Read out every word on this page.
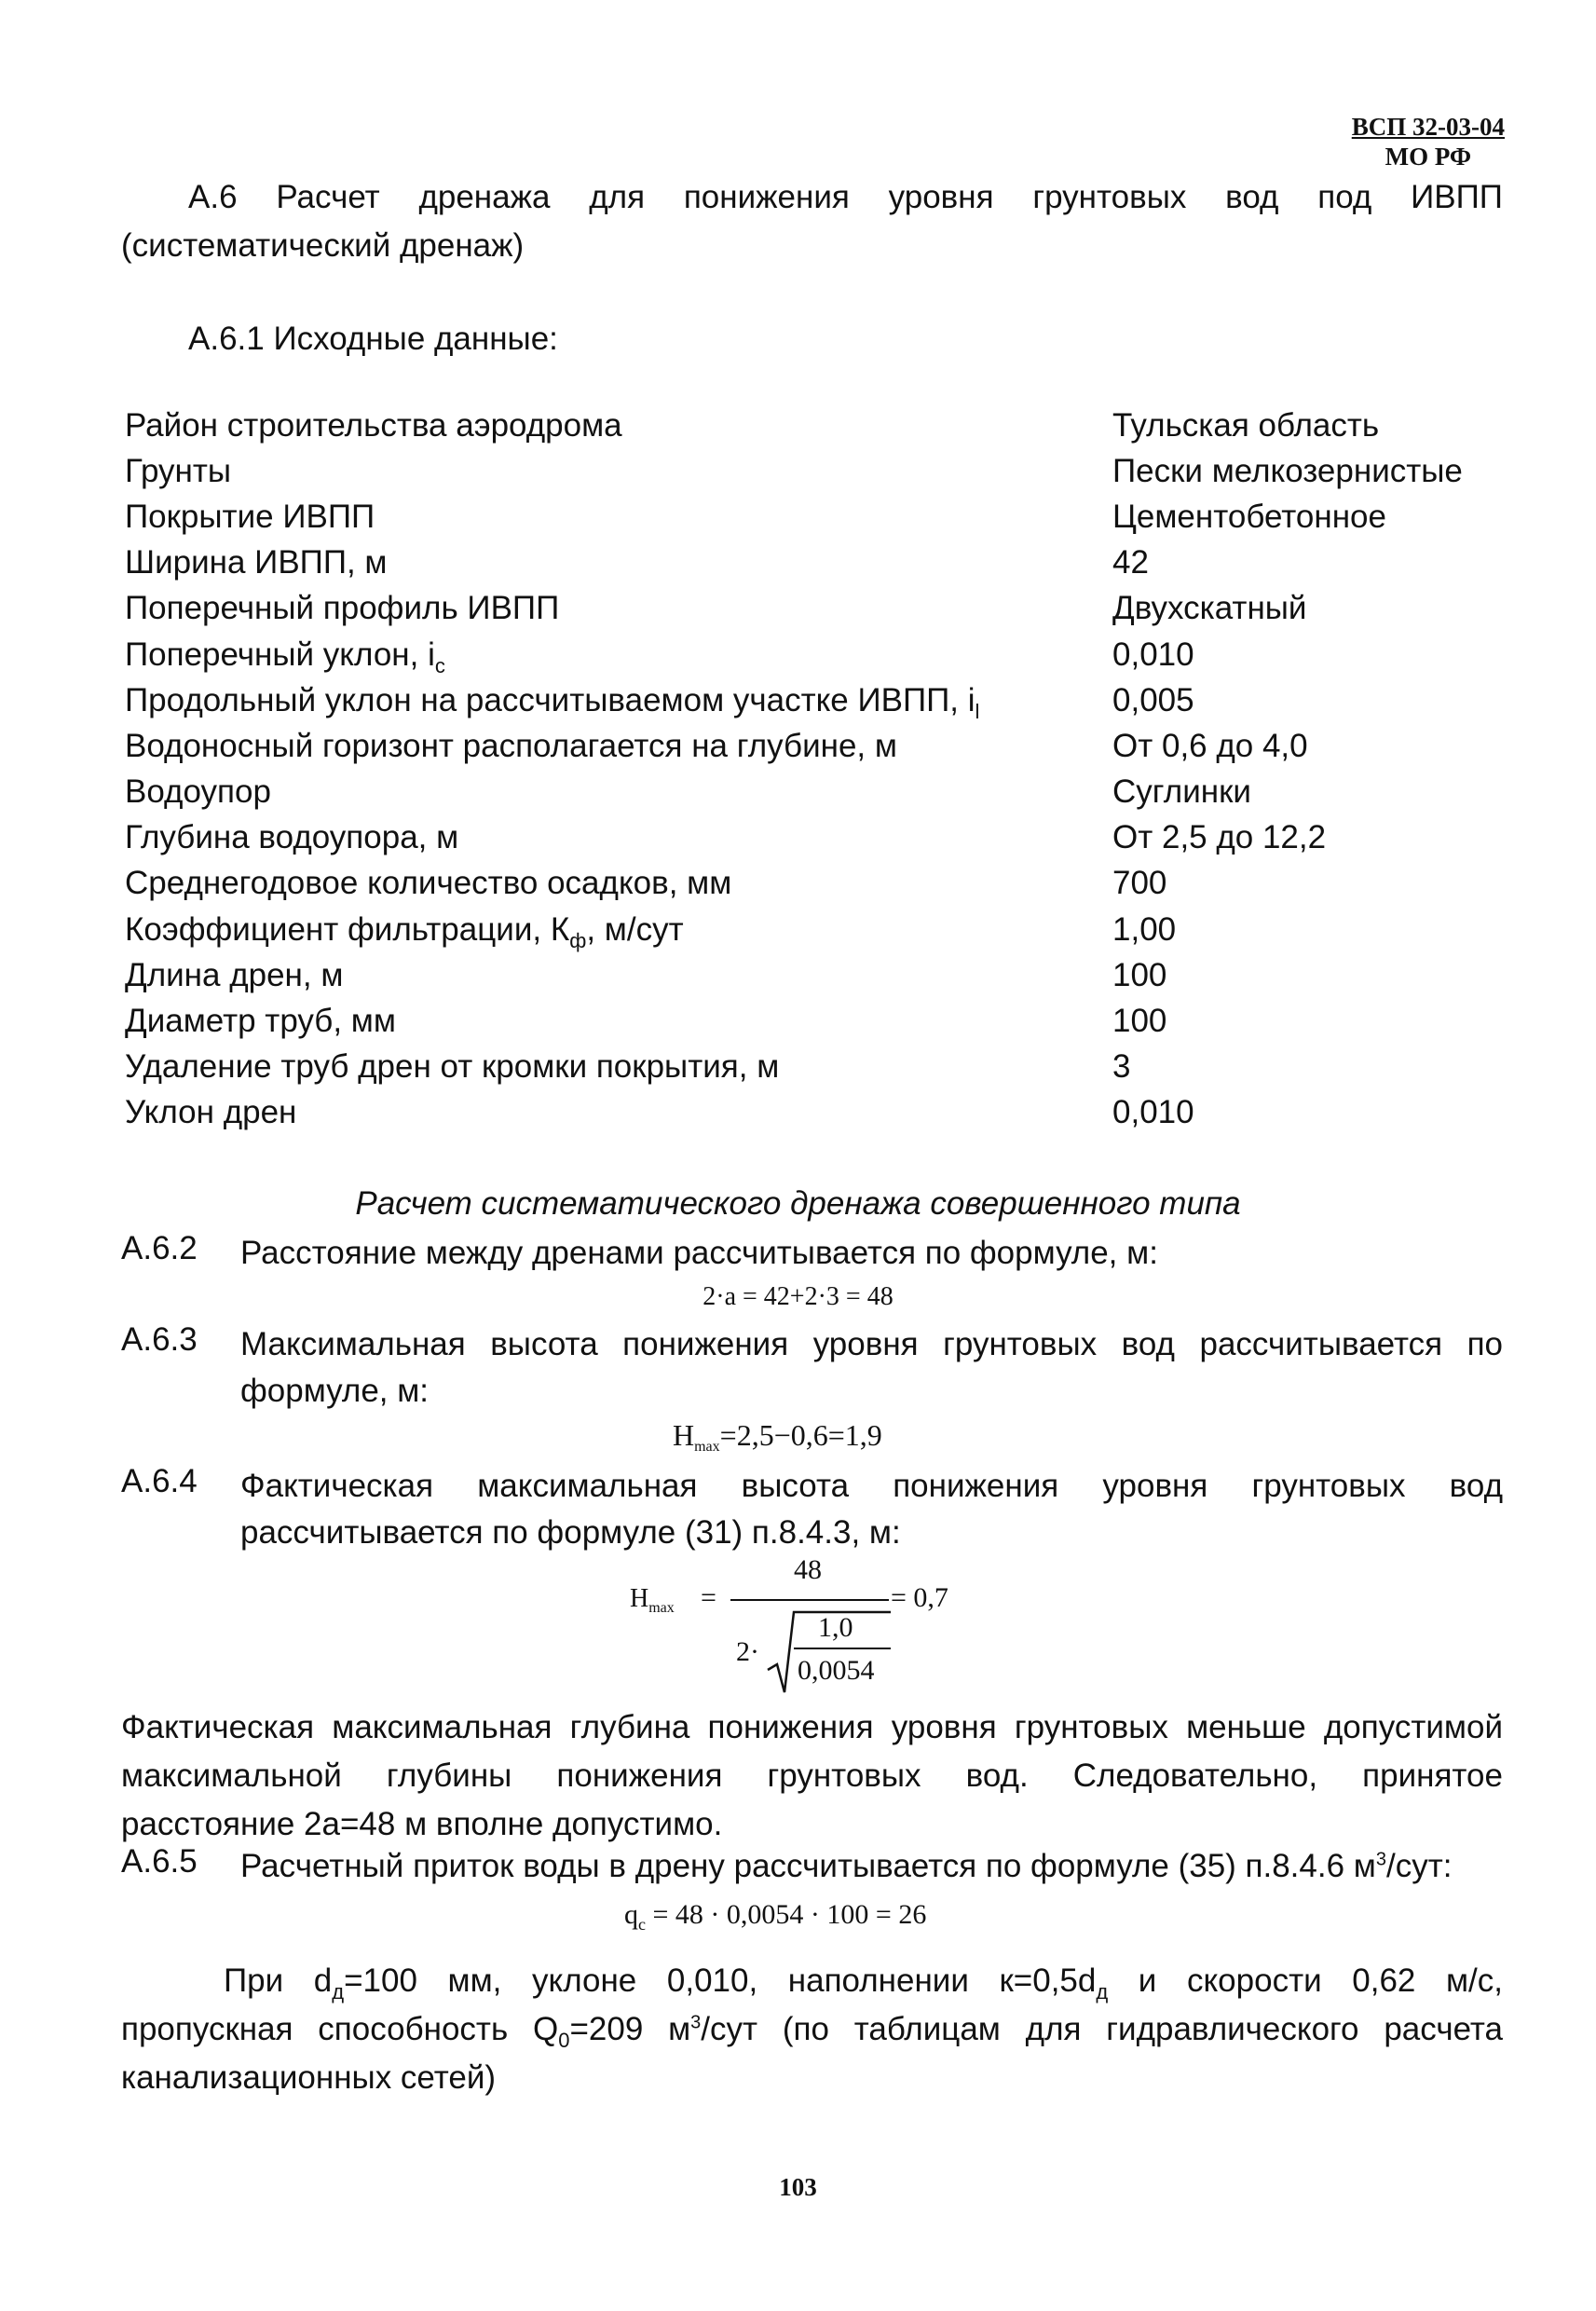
ВСП 32-03-04
МО РФ
А.6 Расчет дренажа для понижения уровня грунтовых вод под ИВПП
(систематический дренаж)
А.6.1 Исходные данные:
Район строительства аэродрома	Тульская область
Грунты	Пески мелкозернистые
Покрытие ИВПП	Цементобетонное
Ширина ИВПП, м	42
Поперечный профиль ИВПП	Двухскатный
Поперечный уклон, $i_c$	0,010
Продольный уклон на рассчитываемом участке ИВПП, $i_l$	0,005
Водоносный горизонт располагается на глубине, м	От 0,6 до 4,0
Водоупор	Суглинки
Глубина водоупора, м	От 2,5 до 12,2
Среднегодовое количество осадков, мм	700
Коэффициент фильтрации, $К_ф$, м/сут	1,00
Длина дрен, м	100
Диаметр труб, мм	100
Удаление труб дрен от кромки покрытия, м	3
Уклон дрен	0,010
Расчет систематического дренажа совершенного типа
А.6.2	Расстояние между дренами рассчитывается по формуле, м:
2·a = 42+2·3 = 48
А.6.3	Максимальная высота понижения уровня грунтовых вод рассчитывается по
формуле, м:
Hmax=2,5−0,6=1,9
А.6.4	Фактическая максимальная высота понижения уровня грунтовых вод
рассчитывается по формуле (31) п.8.4.3, м:
$H_{max}$ =
48
= 0,7
2·
1,0
0,0054
Фактическая максимальная глубина понижения уровня грунтовых меньше допустимой
максимальной глубины понижения грунтовых вод. Следовательно, принятое
расстояние 2а=48 м вполне допустимо.
А.6.5	Расчетный приток воды в дрену рассчитывается по формуле (35) п.8.4.6 $м^3$/сут:
$q_c = 48 \cdot 0,0054 \cdot 100 = 26$
При $d_д=100$ мм, уклоне 0,010, наполнении $к=0,5d_д$ и скорости 0,62 м/с,
пропускная способность $Q_0=209$ $м^3$/сут (по таблицам для гидравлического расчета
канализационных сетей)
103
